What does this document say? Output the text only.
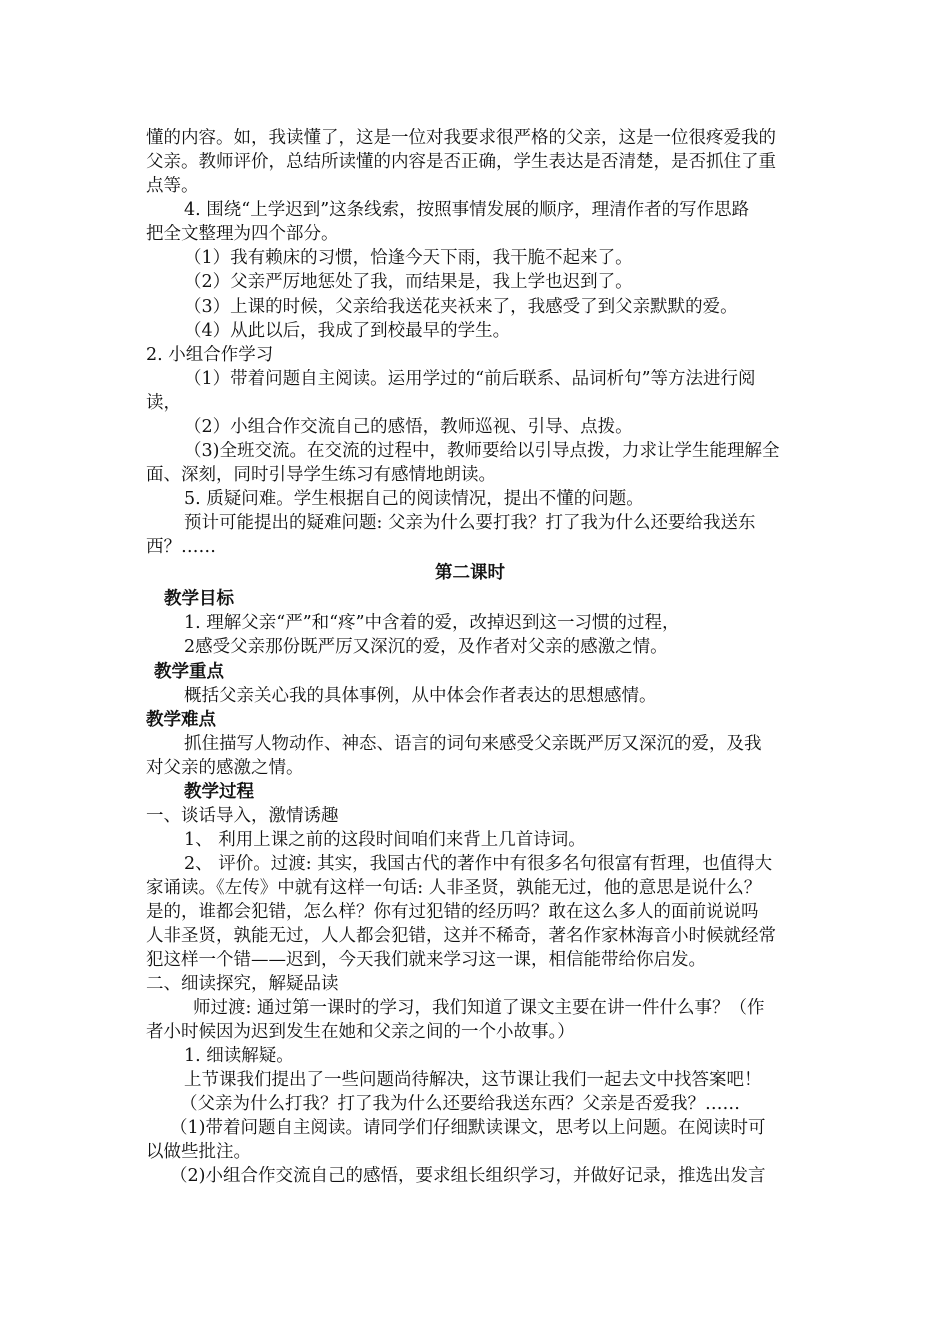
懂的内容。如，我读懂了，这是一位对我要求很严格的父亲，这是一位很疼爱我的
父亲。教师评价，总结所读懂的内容是否正确，学生表达是否清楚，是否抓住了重
点等。
4. 围绕“上学迟到”这条线索，按照事情发展的顺序，理清作者的写作思路
把全文整理为四个部分。
（1）我有赖床的习惯，恰逢今天下雨，我干脆不起来了。
（2）父亲严厉地惩处了我，而结果是，我上学也迟到了。
（3）上课的时候，父亲给我送花夹袄来了，我感受了到父亲默默的爱。
（4）从此以后，我成了到校最早的学生。
2. 小组合作学习
（1）带着问题自主阅读。运用学过的“前后联系、品词析句”等方法进行阅
读，
（2）小组合作交流自己的感悟，教师巡视、引导、点拨。
（3)全班交流。在交流的过程中，教师要给以引导点拨，力求让学生能理解全
面、深刻，同时引导学生练习有感情地朗读。
5. 质疑问难。学生根据自己的阅读情况，提出不懂的问题。
预计可能提出的疑难问题: 父亲为什么要打我？打了我为什么还要给我送东
西？……
第二课时
教学目标
1. 理解父亲“严”和“疼”中含着的爱，改掉迟到这一习惯的过程，
2感受父亲那份既严厉又深沉的爱，及作者对父亲的感激之情。
教学重点
概括父亲关心我的具体事例，从中体会作者表达的思想感情。
教学难点
抓住描写人物动作、神态、语言的词句来感受父亲既严厉又深沉的爱，及我
对父亲的感激之情。
教学过程
一、谈话导入，激情诱趣
1、 利用上课之前的这段时间咱们来背上几首诗词。
2、 评价。过渡: 其实，我国古代的著作中有很多名句很富有哲理，也值得大
家诵读。《左传》中就有这样一句话: 人非圣贤，孰能无过，他的意思是说什么？
是的，谁都会犯错，怎么样？你有过犯错的经历吗？敢在这么多人的面前说说吗
人非圣贤，孰能无过，人人都会犯错，这并不稀奇，著名作家林海音小时候就经常
犯这样一个错——迟到，今天我们就来学习这一课，相信能带给你启发。
二、细读探究，解疑品读
师过渡: 通过第一课时的学习，我们知道了课文主要在讲一件什么事？（作
者小时候因为迟到发生在她和父亲之间的一个小故事。）
1. 细读解疑。
上节课我们提出了一些问题尚待解决，这节课让我们一起去文中找答案吧！
（父亲为什么打我？打了我为什么还要给我送东西？父亲是否爱我？……
（1)带着问题自主阅读。请同学们仔细默读课文，思考以上问题。在阅读时可
以做些批注。
（2)小组合作交流自己的感悟，要求组长组织学习，并做好记录，推选出发言
